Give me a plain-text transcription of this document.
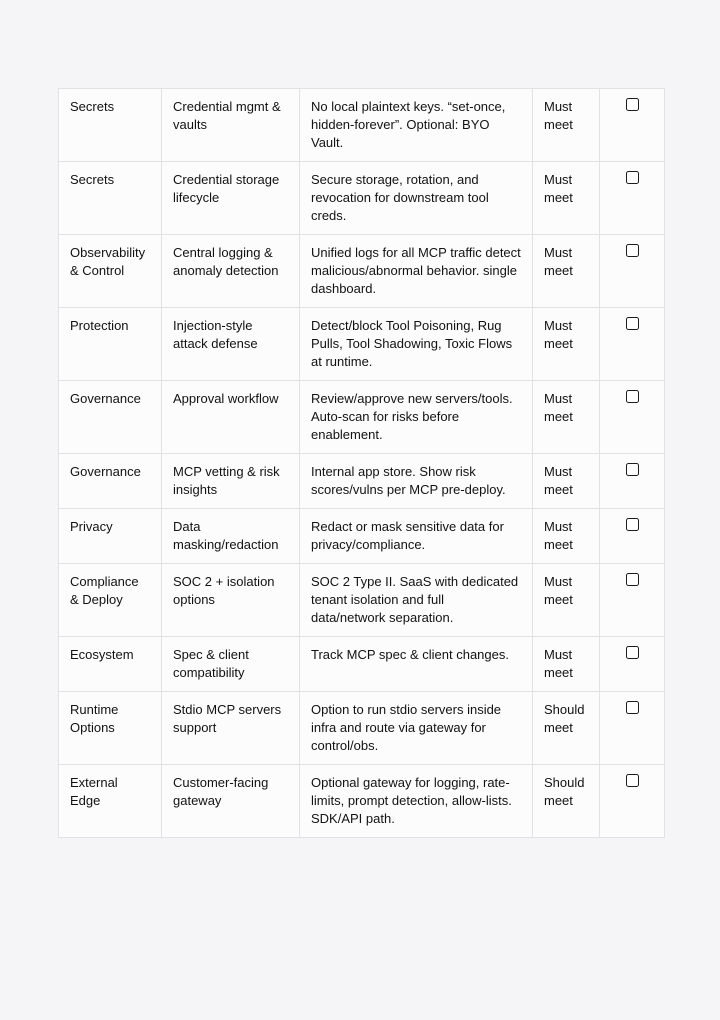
Secrets	Credential mgmt & vaults	No local plaintext keys. “set-once, hidden-forever”. Optional: BYO Vault.	Must meet	
Secrets	Credential storage lifecycle	Secure storage, rotation, and revocation for downstream tool creds.	Must meet	
Observability & Control	Central logging & anomaly detection	Unified logs for all MCP traffic detect malicious/abnormal behavior. single dashboard.	Must meet	
Protection	Injection-style attack defense	Detect/block Tool Poisoning, Rug Pulls, Tool Shadowing, Toxic Flows at runtime.	Must meet	
Governance	Approval workflow	Review/approve new servers/tools. Auto-scan for risks before enablement.	Must meet	
Governance	MCP vetting & risk insights	Internal app store. Show risk scores/vulns per MCP pre-deploy.	Must meet	
Privacy	Data masking/redaction	Redact or mask sensitive data for privacy/compliance.	Must meet	
Compliance & Deploy	SOC 2 + isolation options	SOC 2 Type II. SaaS with dedicated tenant isolation and full data/network separation.	Must meet	
Ecosystem	Spec & client compatibility	Track MCP spec & client changes.	Must meet	
Runtime Options	Stdio MCP servers support	Option to run stdio servers inside infra and route via gateway for control/obs.	Should meet	
External Edge	Customer-facing gateway	Optional gateway for logging, rate-limits, prompt detection, allow-lists. SDK/API path.	Should meet	
